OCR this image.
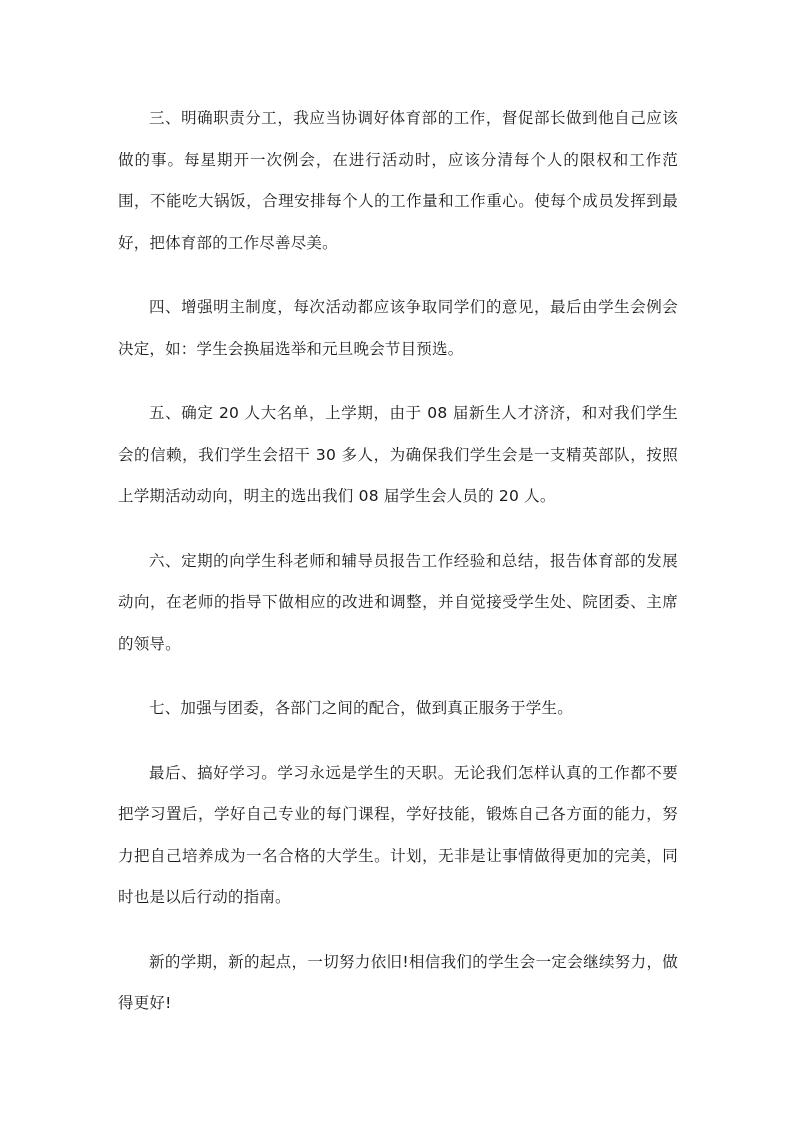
三、明确职责分工，我应当协调好体育部的工作，督促部长做到他自己应该做的事。每星期开一次例会，在进行活动时，应该分清每个人的限权和工作范围，不能吃大锅饭，合理安排每个人的工作量和工作重心。使每个成员发挥到最好，把体育部的工作尽善尽美。

四、增强明主制度，每次活动都应该争取同学们的意见，最后由学生会例会决定，如：学生会换届选举和元旦晚会节目预选。

五、确定 20 人大名单，上学期，由于 08 届新生人才济济，和对我们学生会的信赖，我们学生会招干 30 多人，为确保我们学生会是一支精英部队，按照上学期活动动向，明主的选出我们 08 届学生会人员的 20 人。

六、定期的向学生科老师和辅导员报告工作经验和总结，报告体育部的发展动向，在老师的指导下做相应的改进和调整，并自觉接受学生处、院团委、主席的领导。

七、加强与团委，各部门之间的配合，做到真正服务于学生。

最后、搞好学习。学习永远是学生的天职。无论我们怎样认真的工作都不要把学习置后，学好自己专业的每门课程，学好技能，锻炼自己各方面的能力，努力把自己培养成为一名合格的大学生。计划，无非是让事情做得更加的完美，同时也是以后行动的指南。

新的学期，新的起点，一切努力依旧!相信我们的学生会一定会继续努力，做得更好!
